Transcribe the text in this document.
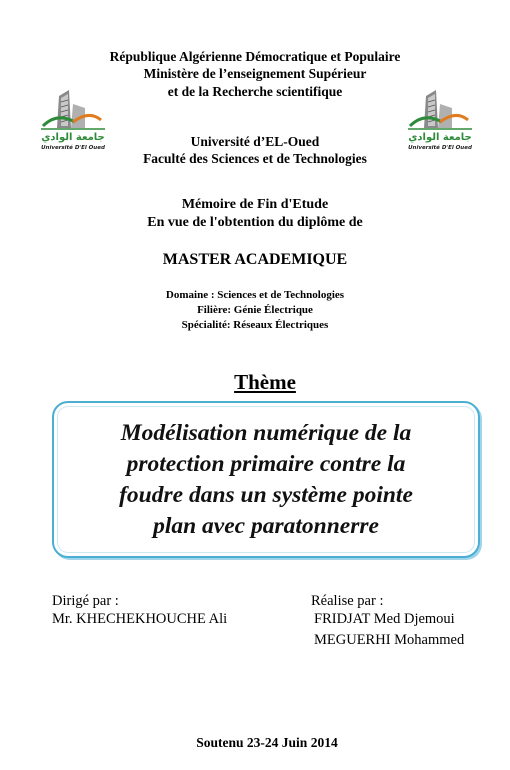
République Algérienne Démocratique et Populaire
Ministère de l’enseignement Supérieur
et de la Recherche scientifique
جامعة الوادي
Université D'El Oued
جامعة الوادي
Université D'El Oued
Université d’EL-Oued
Faculté des Sciences et de Technologies
Mémoire de Fin d'Etude
En vue de l'obtention du diplôme de
MASTER ACADEMIQUE
Domaine : Sciences et de Technologies
Filière: Génie Électrique
Spécialité: Réseaux Électriques
Thème
Modélisation numérique de la
protection primaire contre la
foudre dans un système pointe
plan avec paratonnerre
Dirigé par :
Mr. KHECHEKHOUCHE Ali
Réalise par :
FRIDJAT Med Djemoui
MEGUERHI Mohammed
Soutenu 23-24 Juin 2014
